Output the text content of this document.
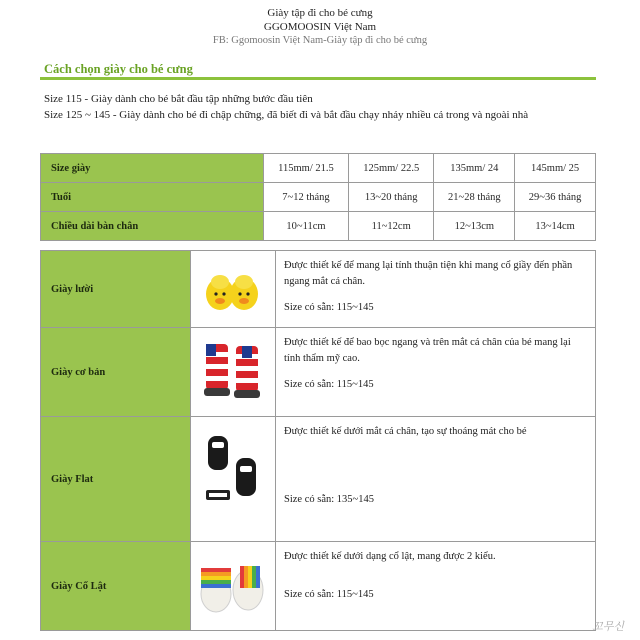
Giày tập đi cho bé cưng
GGOMOOSIN Việt Nam
FB: Ggomoosin Việt Nam-Giày tập đi cho bé cưng
Cách chọn giày cho bé cưng
Size 115 - Giày dành cho bé bắt đầu tập những bước đầu tiên
Size 125 ~ 145 - Giày dành cho bé đi chập chững, đã biết đi và bắt đầu chạy nhảy nhiều cả trong và ngoài nhà
Size giày	115mm/ 21.5	125mm/ 22.5	135mm/ 24	145mm/ 25
Tuổi	7~12 tháng	13~20 tháng	21~28 tháng	29~36 tháng
Chiều dài bàn chân	10~11cm	11~12cm	12~13cm	13~14cm
Giày lười		Được thiết kế để mang lại tính thuận tiện khi mang cổ giầy đến phần ngang mắt cá chân.
Size có sẵn: 115~145

Giày cơ bản		Được thiết kế để bao bọc ngang và trên mắt cá chân của bé mang lại tính thẩm mỹ cao.
Size có sẵn: 115~145

Giày Flat		Được thiết kế dưới mắt cá chân, tạo sự thoáng mát cho bé
Size có sẵn: 135~145

Giày Cổ Lật		Được thiết kế dưới dạng cổ lật, mang được 2 kiểu.
Size có sẵn: 115~145
꼬무신
